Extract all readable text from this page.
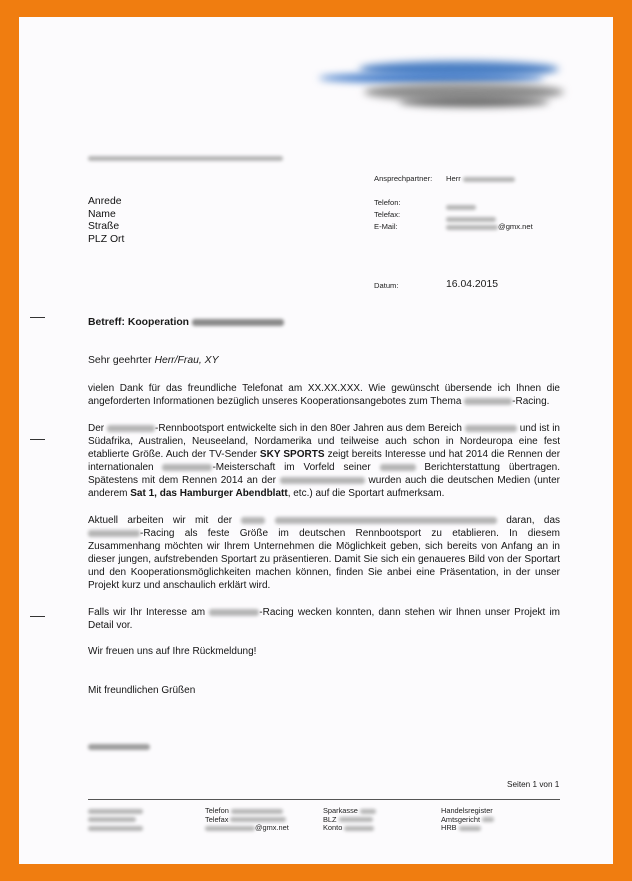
Ansprechpartner: Herr
Telefon:
Telefax:
E-Mail:	@gmx.net
Datum:	16.04.2015
Anrede
Name
Straße
PLZ Ort
Betreff: Kooperation
Sehr geehrter Herr/Frau, XY
vielen Dank für das freundliche Telefonat am XX.XX.XXX. Wie gewünscht übersende ich Ihnen die angeforderten Informationen bezüglich unseres Kooperationsangebotes zum Thema	-Racing.
Der	-Rennbootsport entwickelte sich in den 80er Jahren aus dem Bereich	und ist in Südafrika, Australien, Neuseeland, Nordamerika und teilweise auch schon in Nordeuropa eine fest etablierte Größe. Auch der TV-Sender SKY SPORTS zeigt bereits Interesse und hat 2014 die Rennen der internationalen	-Meisterschaft im Vorfeld seiner	Berichterstattung übertragen. Spätestens mit dem Rennen 2014 an der	wurden auch die deutschen Medien (unter anderem Sat 1, das Hamburger Abendblatt, etc.) auf die Sportart aufmerksam.
Aktuell arbeiten wir mit der	daran, das -Racing als feste Größe im deutschen Rennbootsport zu etablieren. In diesem Zusammenhang möchten wir Ihrem Unternehmen die Möglichkeit geben, sich bereits von Anfang an in dieser jungen, aufstrebenden Sportart zu präsentieren. Damit Sie sich ein genaueres Bild von der Sportart und den Kooperationsmöglichkeiten machen können, finden Sie anbei eine Präsentation, in der unser Projekt kurz und anschaulich erklärt wird.
Falls wir Ihr Interesse am	-Racing wecken konnten, dann stehen wir Ihnen unser Projekt im Detail vor.
Wir freuen uns auf Ihre Rückmeldung!
Mit freundlichen Grüßen
Seiten 1 von 1
Telefon
Telefax
@gmx.net
Sparkasse
BLZ
Konto
Handelsregister
Amtsgericht
HRB
